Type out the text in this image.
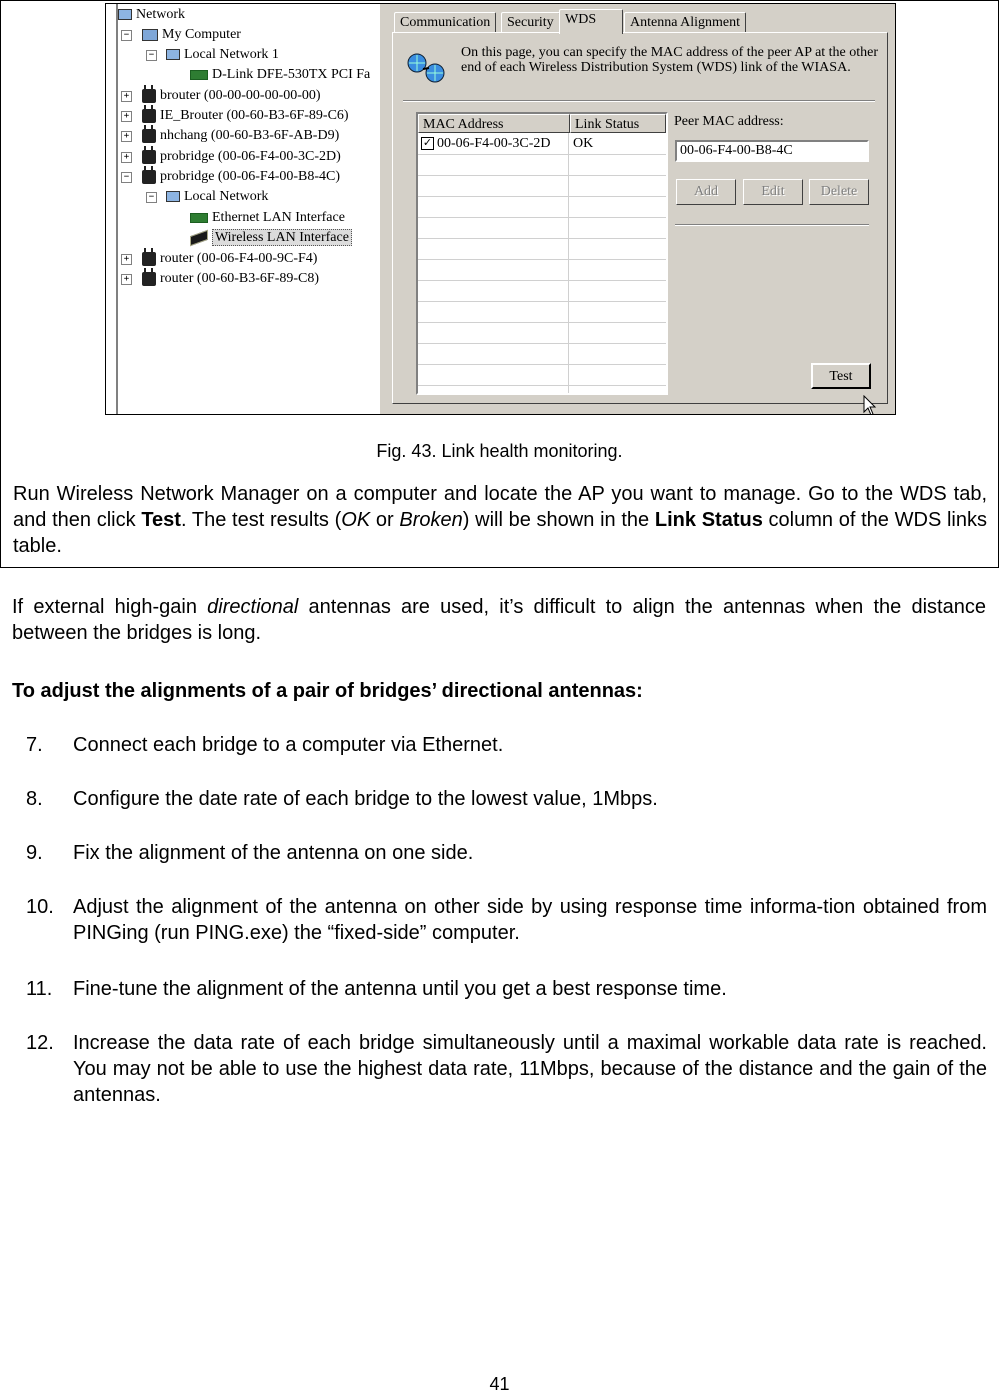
Network
−	My Computer
−	Local Network 1
D-Link DFE-530TX PCI Fa
+	brouter (00-00-00-00-00-00)
+	IE_Brouter (00-60-B3-6F-89-C6)
+	nhchang (00-60-B3-6F-AB-D9)
+	probridge (00-06-F4-00-3C-2D)
−	probridge (00-06-F4-00-B8-4C)
−	Local Network
Ethernet LAN Interface
Wireless LAN Interface
+	router (00-06-F4-00-9C-F4)
+	router (00-60-B3-6F-89-C8)
Communication	Security WDS	Antenna Alignment
On this page, you can specify the MAC address of the peer AP at the other end of each Wireless Distribution System (WDS) link of the WIASA.
MAC Address	Link Status
✓ 00-06-F4-00-3C-2D	OK
Peer MAC address:
00-06-F4-00-B8-4C
Add	Edit	Delete
Test
Fig. 43. Link health monitoring.
Run Wireless Network Manager on a computer and locate the AP you want to manage. Go to the WDS tab, and then click Test. The test results (OK or Broken) will be shown in the Link Status column of the WDS links table.
If external high-gain directional antennas are used, it’s difficult to align the antennas when the distance between the bridges is long.
To adjust the alignments of a pair of bridges’ directional antennas:
7. Connect each bridge to a computer via Ethernet.
8. Configure the date rate of each bridge to the lowest value, 1Mbps.
9. Fix the alignment of the antenna on one side.
10. Adjust the alignment of the antenna on other side by using response time informa-tion obtained from PINGing (run PING.exe) the “fixed-side” computer.
11. Fine-tune the alignment of the antenna until you get a best response time.
12. Increase the data rate of each bridge simultaneously until a maximal workable data rate is reached. You may not be able to use the highest data rate, 11Mbps, because of the distance and the gain of the antennas.
41
